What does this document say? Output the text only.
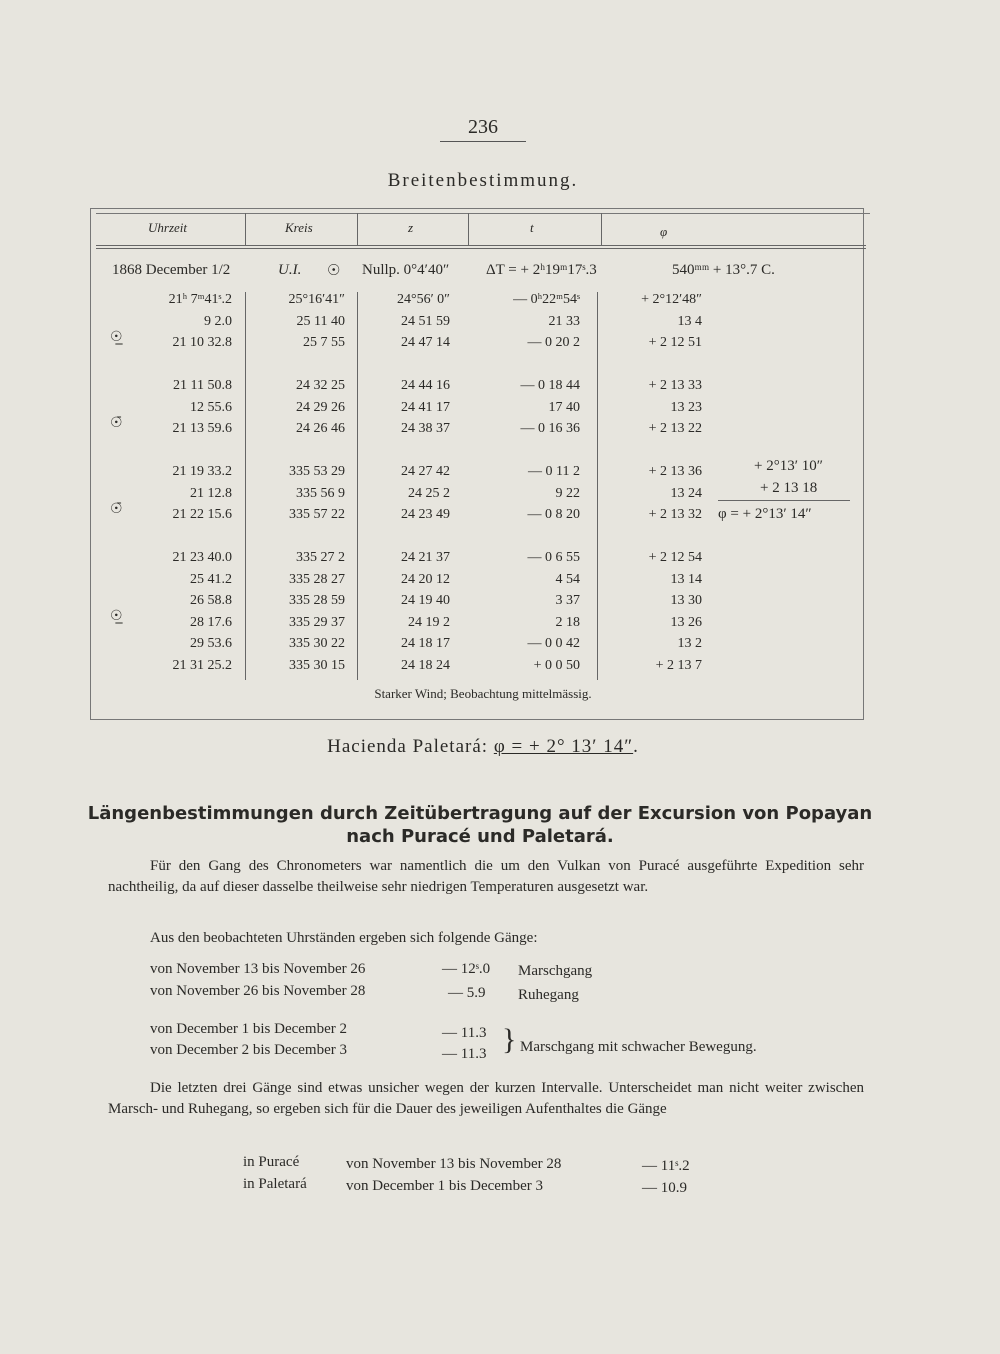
236
Breitenbestimmung.
Uhrzeit	Kreis	z	t	φ
1868 December 1/2	U.I. ☉ Nullp. 0°4′40″ ΔT = + 2ʰ19ᵐ17ˢ.3	540ᵐᵐ + 13°.7 C.
☉̲
21ʰ 7ᵐ41ˢ.2	25°16′41″	24°56′ 0″	— 0ʰ22ᵐ54ˢ	+ 2°12′48″
9 2.0	25 11 40	24 51 59	21 33	13 4
21 10 32.8	25 7 55	24 47 14	— 0 20 2	+ 2 12 51
☉̄
21 11 50.8	24 32 25	24 44 16	— 0 18 44	+ 2 13 33
12 55.6	24 29 26	24 41 17	17 40	13 23
21 13 59.6	24 26 46	24 38 37	— 0 16 36	+ 2 13 22
☉̄
21 19 33.2	335 53 29	24 27 42	— 0 11 2	+ 2 13 36
21 12.8	335 56 9	24 25 2	9 22	13 24
21 22 15.6	335 57 22	24 23 49	— 0 8 20	+ 2 13 32
☉̲
21 23 40.0	335 27 2	24 21 37	— 0 6 55	+ 2 12 54
25 41.2	335 28 27	24 20 12	4 54	13 14
26 58.8	335 28 59	24 19 40	3 37	13 30
28 17.6	335 29 37	24 19 2	2 18	13 26
29 53.6	335 30 22	24 18 17	— 0 0 42	13 2
21 31 25.2	335 30 15	24 18 24	+ 0 0 50	+ 2 13 7
+ 2°13′ 10″
+ 2 13 18
φ = + 2°13′ 14″
Starker Wind; Beobachtung mittelmässig.
Hacienda Paletará: φ = + 2° 13′ 14″.
Längenbestimmungen durch Zeitübertragung auf der Excursion von Popayan nach Puracé und Paletará.
Für den Gang des Chronometers war namentlich die um den Vulkan von Puracé ausgeführte Expedition sehr nachtheilig, da auf dieser dasselbe theilweise sehr niedrigen Temperaturen ausgesetzt war.
Aus den beobachteten Uhrständen ergeben sich folgende Gänge:
von November 13 bis November 26	— 12ˢ.0 Marschgang
von November 26 bis November 28	— 5.9 Ruhegang
von December 1 bis December 2	— 11.3
von December 2 bis December 3	— 11.3 } Marschgang mit schwacher Bewegung.
Die letzten drei Gänge sind etwas unsicher wegen der kurzen Intervalle. Unterscheidet man nicht weiter zwischen Marsch- und Ruhegang, so ergeben sich für die Dauer des jeweiligen Aufenthaltes die Gänge
in Puracé	von November 13 bis November 28	— 11ˢ.2
in Paletará	von December 1 bis December 3	— 10.9
